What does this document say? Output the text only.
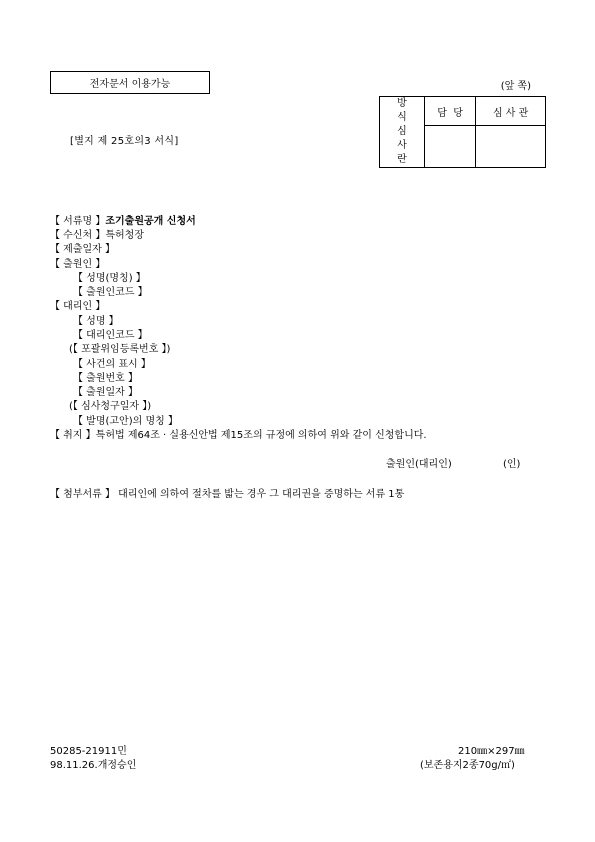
전자문서 이용가능	(앞 쪽)
방
식
심
사
란	담  당	심 사 관

[별지 제 25호의3 서식]
【 서류명 】조기출원공개 신청서
【 수신처 】특허청장
【 제출일자 】
【 출원인 】
【 성명(명칭) 】
【 출원인코드 】
【 대리인 】
【 성명 】
【 대리인코드 】
(【 포괄위임등록번호 】)
【 사건의 표시 】
【 출원번호 】
【 출원일자 】
(【 심사청구일자 】)
【 발명(고안)의 명칭 】
【 취지 】특허법 제64조 · 실용신안법 제15조의 규정에 의하여 위와 같이 신청합니다.
출원인(대리인)	(인)
【 첨부서류 】 대리인에 의하여 절차를 밟는 경우 그 대리권을 증명하는 서류 1통
50285-21911민
98.11.26.개정승인
210㎜×297㎜
(보존용지2종70g/㎡)
